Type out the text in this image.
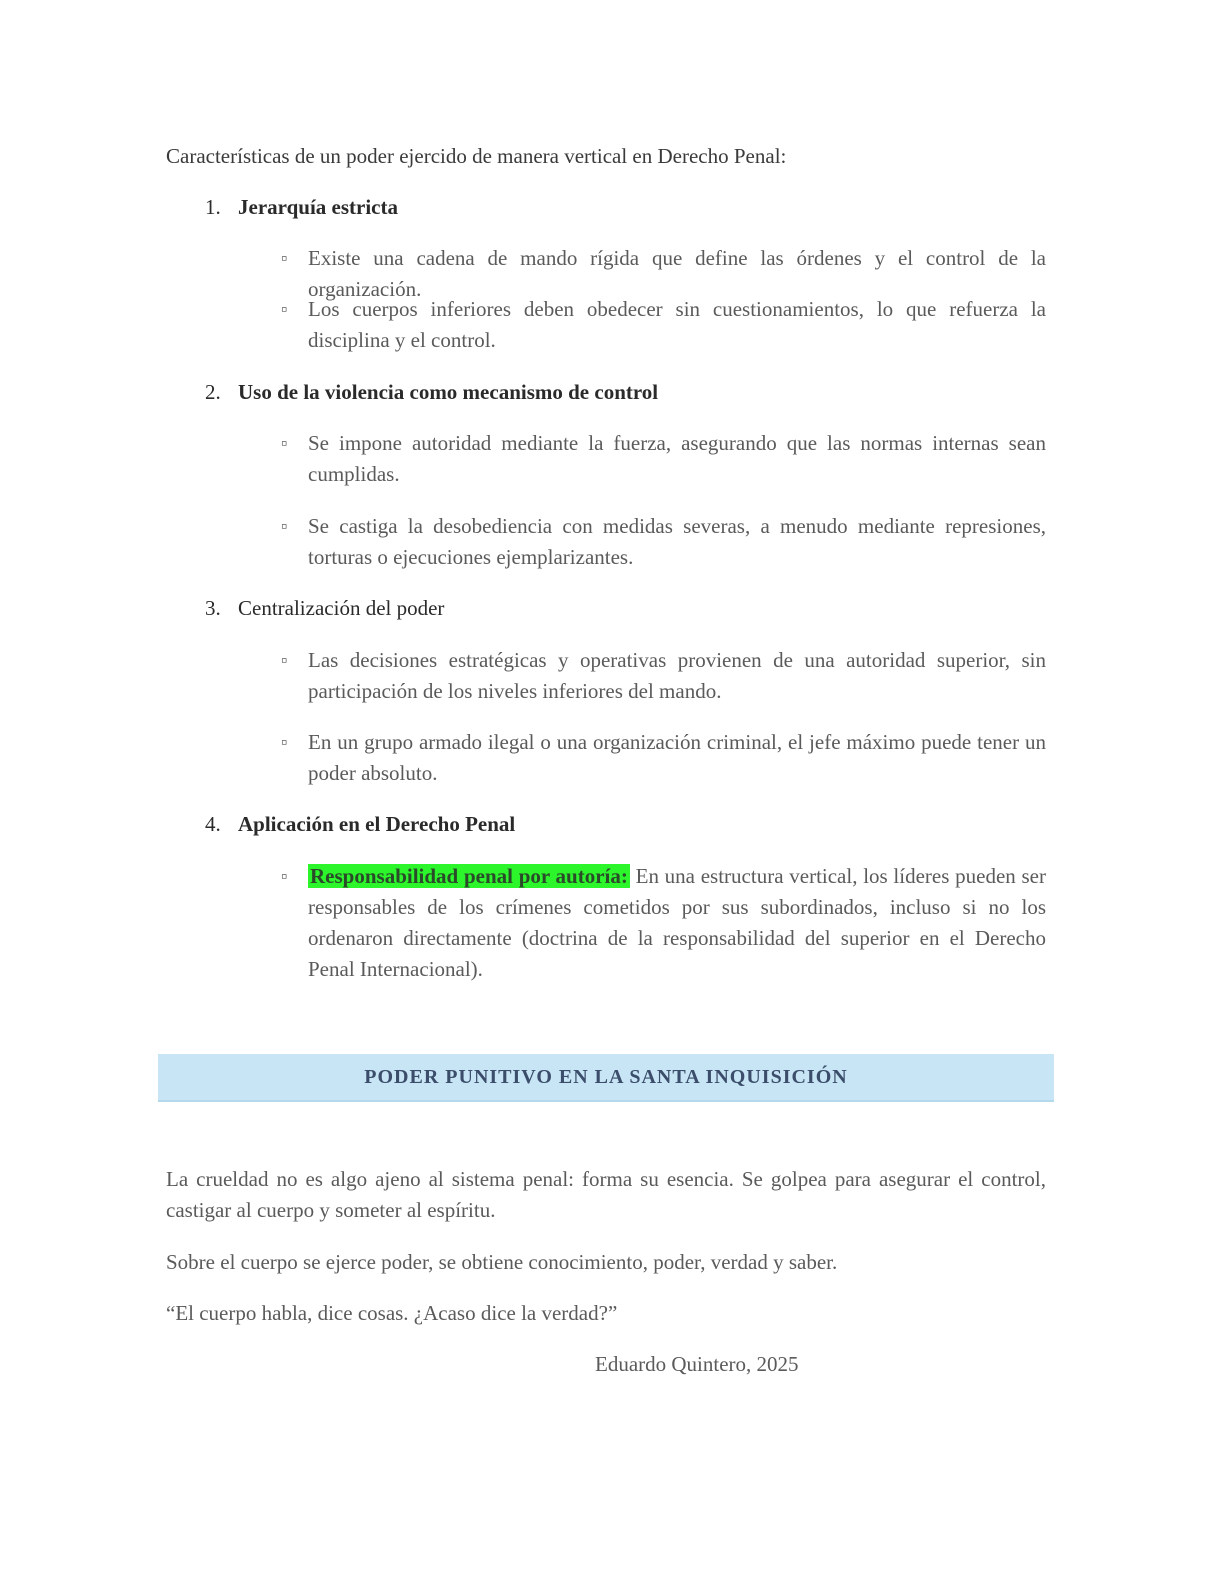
Características de un poder ejercido de manera vertical en Derecho Penal:
1. Jerarquía estricta
▫ Existe una cadena de mando rígida que define las órdenes y el control de la organización.
▫ Los cuerpos inferiores deben obedecer sin cuestionamientos, lo que refuerza la disciplina y el control.
2. Uso de la violencia como mecanismo de control
▫ Se impone autoridad mediante la fuerza, asegurando que las normas internas sean cumplidas.
▫ Se castiga la desobediencia con medidas severas, a menudo mediante represiones, torturas o ejecuciones ejemplarizantes.
3. Centralización del poder
▫ Las decisiones estratégicas y operativas provienen de una autoridad superior, sin participación de los niveles inferiores del mando.
▫ En un grupo armado ilegal o una organización criminal, el jefe máximo puede tener un poder absoluto.
4. Aplicación en el Derecho Penal
▫ Responsabilidad penal por autoría: En una estructura vertical, los líderes pueden ser responsables de los crímenes cometidos por sus subordinados, incluso si no los ordenaron directamente (doctrina de la responsabilidad del superior en el Derecho Penal Internacional).
PODER PUNITIVO EN LA SANTA INQUISICIÓN
La crueldad no es algo ajeno al sistema penal: forma su esencia. Se golpea para asegurar el control, castigar al cuerpo y someter al espíritu.
Sobre el cuerpo se ejerce poder, se obtiene conocimiento, poder, verdad y saber.
“El cuerpo habla, dice cosas. ¿Acaso dice la verdad?”
Eduardo Quintero, 2025
